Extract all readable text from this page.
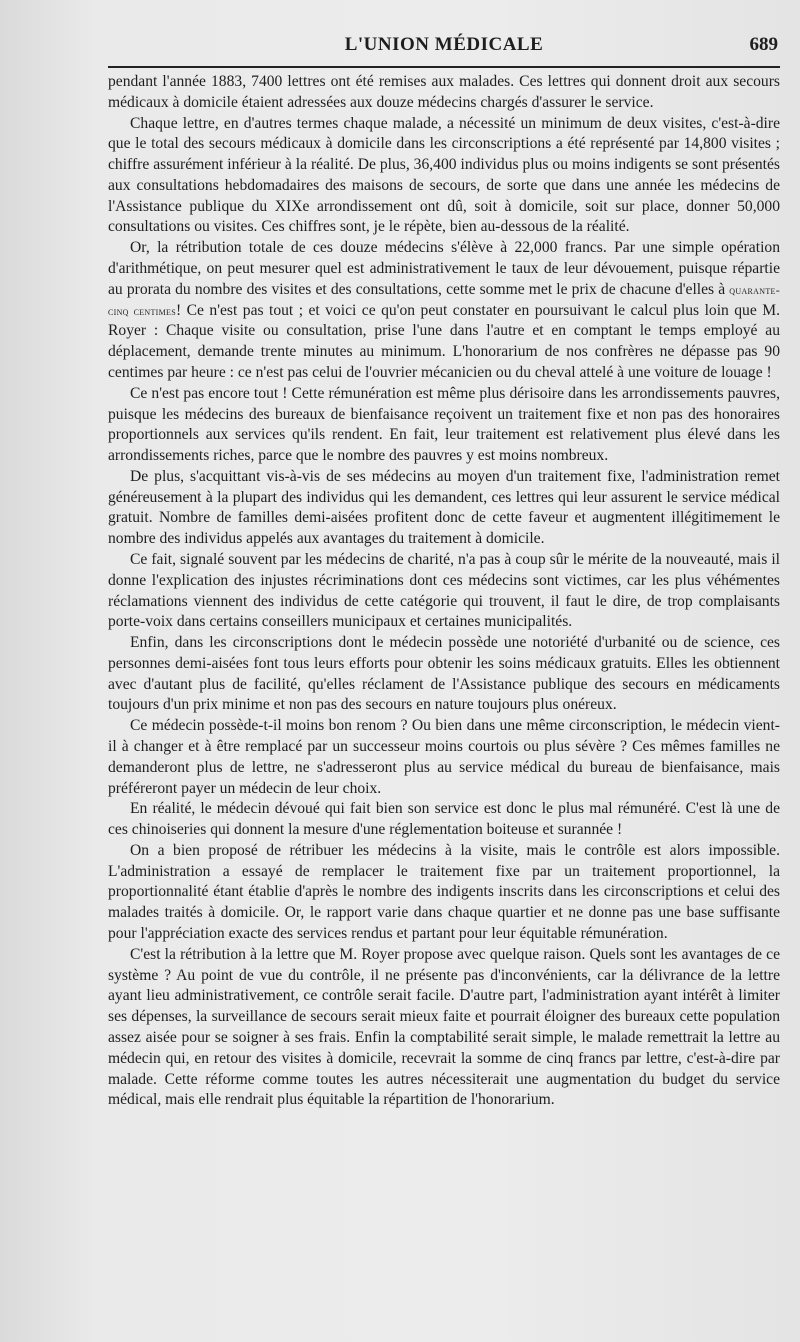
L'UNION MÉDICALE	689

pendant l'année 1883, 7400 lettres ont été remises aux malades. Ces lettres qui donnent droit aux secours médicaux à domicile étaient adressées aux douze médecins chargés d'assurer le service.

Chaque lettre, en d'autres termes chaque malade, a nécessité un minimum de deux visites, c'est-à-dire que le total des secours médicaux à domicile dans les circonscriptions a été représenté par 14,800 visites ; chiffre assurément inférieur à la réalité. De plus, 36,400 individus plus ou moins indigents se sont présentés aux consultations hebdomadaires des maisons de secours, de sorte que dans une année les médecins de l'Assistance publique du XIXe arrondissement ont dû, soit à domicile, soit sur place, donner 50,000 consultations ou visites. Ces chiffres sont, je le répète, bien au-dessous de la réalité.

Or, la rétribution totale de ces douze médecins s'élève à 22,000 francs. Par une simple opération d'arithmétique, on peut mesurer quel est administrativement le taux de leur dévouement, puisque répartie au prorata du nombre des visites et des consultations, cette somme met le prix de chacune d'elles à quarante-cinq centimes! Ce n'est pas tout ; et voici ce qu'on peut constater en poursuivant le calcul plus loin que M. Royer : Chaque visite ou consultation, prise l'une dans l'autre et en comptant le temps employé au déplacement, demande trente minutes au minimum. L'honorarium de nos confrères ne dépasse pas 90 centimes par heure : ce n'est pas celui de l'ouvrier mécanicien ou du cheval attelé à une voiture de louage !

Ce n'est pas encore tout ! Cette rémunération est même plus dérisoire dans les arrondissements pauvres, puisque les médecins des bureaux de bienfaisance reçoivent un traitement fixe et non pas des honoraires proportionnels aux services qu'ils rendent. En fait, leur traitement est relativement plus élevé dans les arrondissements riches, parce que le nombre des pauvres y est moins nombreux.

De plus, s'acquittant vis-à-vis de ses médecins au moyen d'un traitement fixe, l'administration remet généreusement à la plupart des individus qui les demandent, ces lettres qui leur assurent le service médical gratuit. Nombre de familles demi-aisées profitent donc de cette faveur et augmentent illégitimement le nombre des individus appelés aux avantages du traitement à domicile.

Ce fait, signalé souvent par les médecins de charité, n'a pas à coup sûr le mérite de la nouveauté, mais il donne l'explication des injustes récriminations dont ces médecins sont victimes, car les plus véhémentes réclamations viennent des individus de cette catégorie qui trouvent, il faut le dire, de trop complaisants porte-voix dans certains conseillers municipaux et certaines municipalités.

Enfin, dans les circonscriptions dont le médecin possède une notoriété d'urbanité ou de science, ces personnes demi-aisées font tous leurs efforts pour obtenir les soins médicaux gratuits. Elles les obtiennent avec d'autant plus de facilité, qu'elles réclament de l'Assistance publique des secours en médicaments toujours d'un prix minime et non pas des secours en nature toujours plus onéreux.

Ce médecin possède-t-il moins bon renom ? Ou bien dans une même circonscription, le médecin vient-il à changer et à être remplacé par un successeur moins courtois ou plus sévère ? Ces mêmes familles ne demanderont plus de lettre, ne s'adresseront plus au service médical du bureau de bienfaisance, mais préféreront payer un médecin de leur choix.

En réalité, le médecin dévoué qui fait bien son service est donc le plus mal rémunéré. C'est là une de ces chinoiseries qui donnent la mesure d'une réglementation boiteuse et surannée !

On a bien proposé de rétribuer les médecins à la visite, mais le contrôle est alors impossible. L'administration a essayé de remplacer le traitement fixe par un traitement proportionnel, la proportionnalité étant établie d'après le nombre des indigents inscrits dans les circonscriptions et celui des malades traités à domicile. Or, le rapport varie dans chaque quartier et ne donne pas une base suffisante pour l'appréciation exacte des services rendus et partant pour leur équitable rémunération.

C'est la rétribution à la lettre que M. Royer propose avec quelque raison. Quels sont les avantages de ce système ? Au point de vue du contrôle, il ne présente pas d'inconvénients, car la délivrance de la lettre ayant lieu administrativement, ce contrôle serait facile. D'autre part, l'administration ayant intérêt à limiter ses dépenses, la surveillance de secours serait mieux faite et pourrait éloigner des bureaux cette population assez aisée pour se soigner à ses frais. Enfin la comptabilité serait simple, le malade remettrait la lettre au médecin qui, en retour des visites à domicile, recevrait la somme de cinq francs par lettre, c'est-à-dire par malade. Cette réforme comme toutes les autres nécessiterait une augmentation du budget du service médical, mais elle rendrait plus équitable la répartition de l'honorarium.
